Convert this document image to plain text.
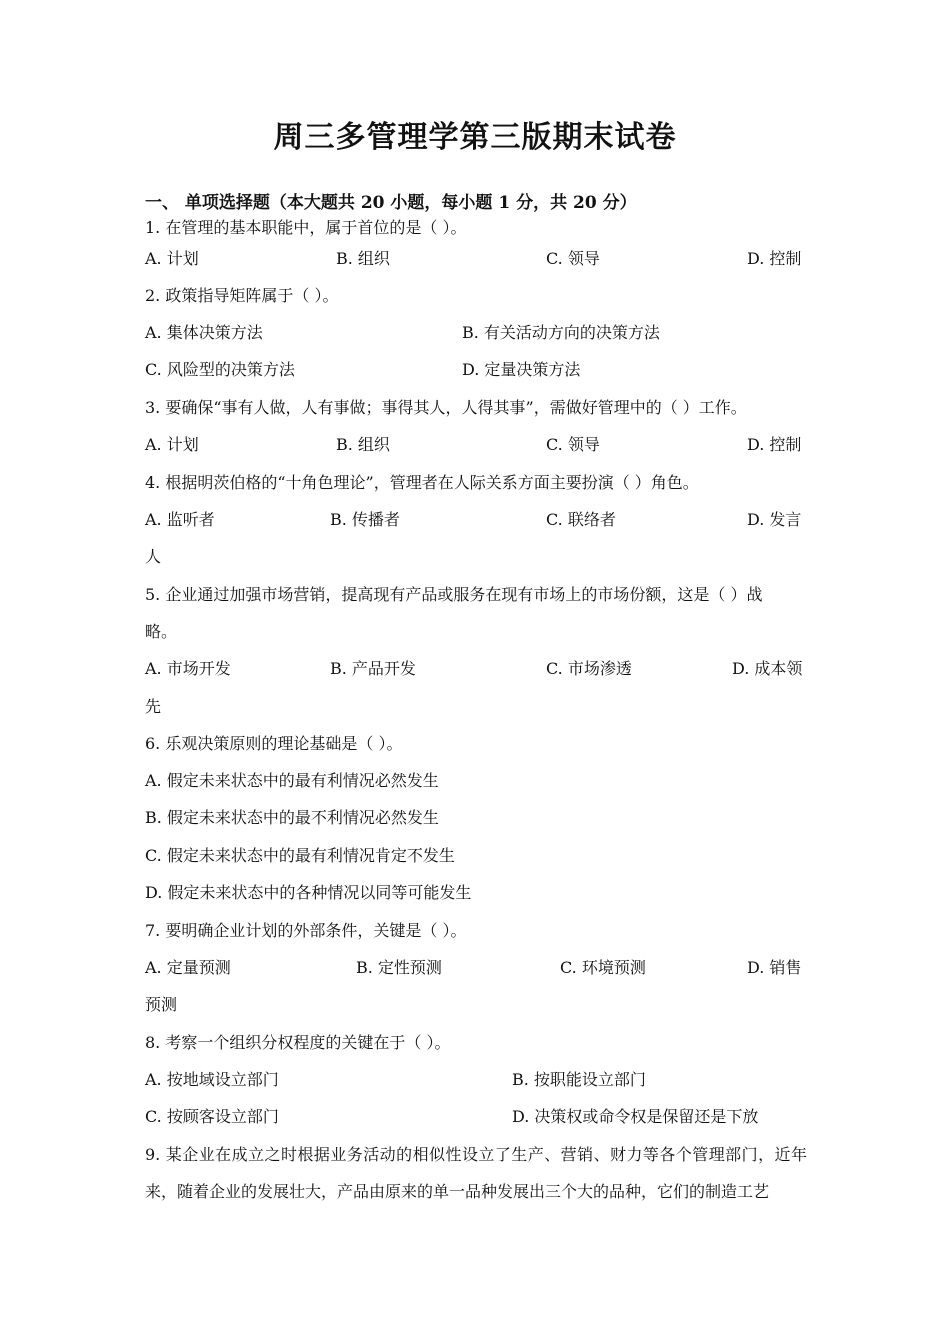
周三多管理学第三版期末试卷

一、 单项选择题（本大题共 20 小题，每小题 1 分，共 20 分）

1. 在管理的基本职能中，属于首位的是（ ）。

A. 计划	B. 组织	C. 领导	D. 控制

2. 政策指导矩阵属于（ ）。

A. 集体决策方法	B. 有关活动方向的决策方法

C. 风险型的决策方法	D. 定量决策方法

3. 要确保“事有人做，人有事做；事得其人，人得其事”，需做好管理中的（ ）工作。

A. 计划	B. 组织	C. 领导	D. 控制

4. 根据明茨伯格的“十角色理论”，管理者在人际关系方面主要扮演（ ）角色。

A. 监听者	B. 传播者	C. 联络者	D. 发言

人

5. 企业通过加强市场营销，提高现有产品或服务在现有市场上的市场份额，这是（ ）战

略。

A. 市场开发	B. 产品开发	C. 市场渗透	D. 成本领

先

6. 乐观决策原则的理论基础是（ ）。

A. 假定未来状态中的最有利情况必然发生

B. 假定未来状态中的最不利情况必然发生

C. 假定未来状态中的最有利情况肯定不发生

D. 假定未来状态中的各种情况以同等可能发生

7. 要明确企业计划的外部条件，关键是（ ）。

A. 定量预测	B. 定性预测	C. 环境预测	D. 销售

预测

8. 考察一个组织分权程度的关键在于（ ）。

A. 按地域设立部门	B. 按职能设立部门

C. 按顾客设立部门	D. 决策权或命令权是保留还是下放

9. 某企业在成立之时根据业务活动的相似性设立了生产、营销、财力等各个管理部门，近年来，随着企业的发展壮大，产品由原来的单一品种发展出三个大的品种，它们的制造工艺
